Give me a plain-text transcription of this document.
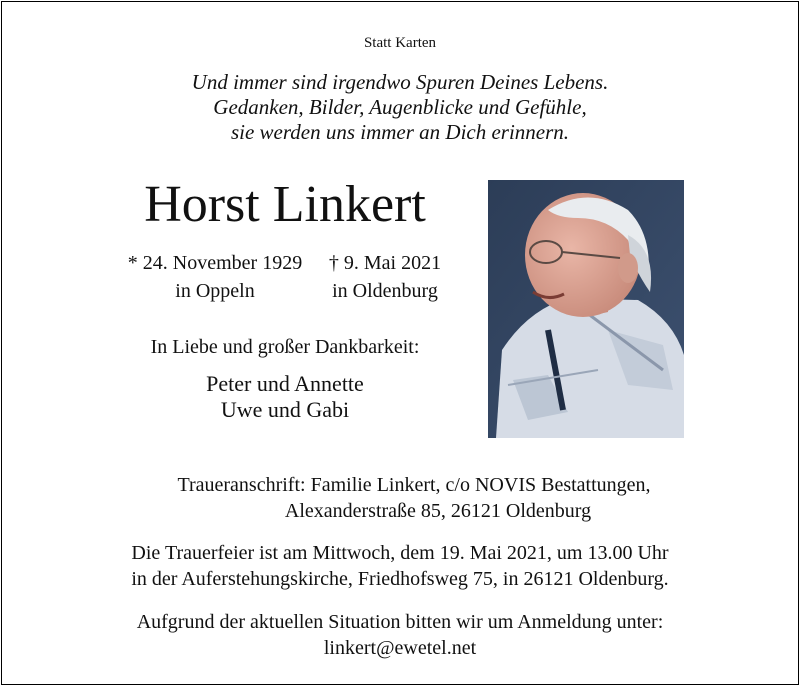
Statt Karten
Und immer sind irgendwo Spuren Deines Lebens.
Gedanken, Bilder, Augenblicke und Gefühle,
sie werden uns immer an Dich erinnern.
Horst Linkert
* 24. November 1929
in Oppeln
† 9. Mai 2021
in Oldenburg
In Liebe und großer Dankbarkeit:
Peter und Annette
Uwe und Gabi
Traueranschrift: Familie Linkert, c/o NOVIS Bestattungen,
Alexanderstraße 85, 26121 Oldenburg
Die Trauerfeier ist am Mittwoch, dem 19. Mai 2021, um 13.00 Uhr
in der Auferstehungskirche, Friedhofsweg 75, in 26121 Oldenburg.
Aufgrund der aktuellen Situation bitten wir um Anmeldung unter:
linkert@ewetel.net
